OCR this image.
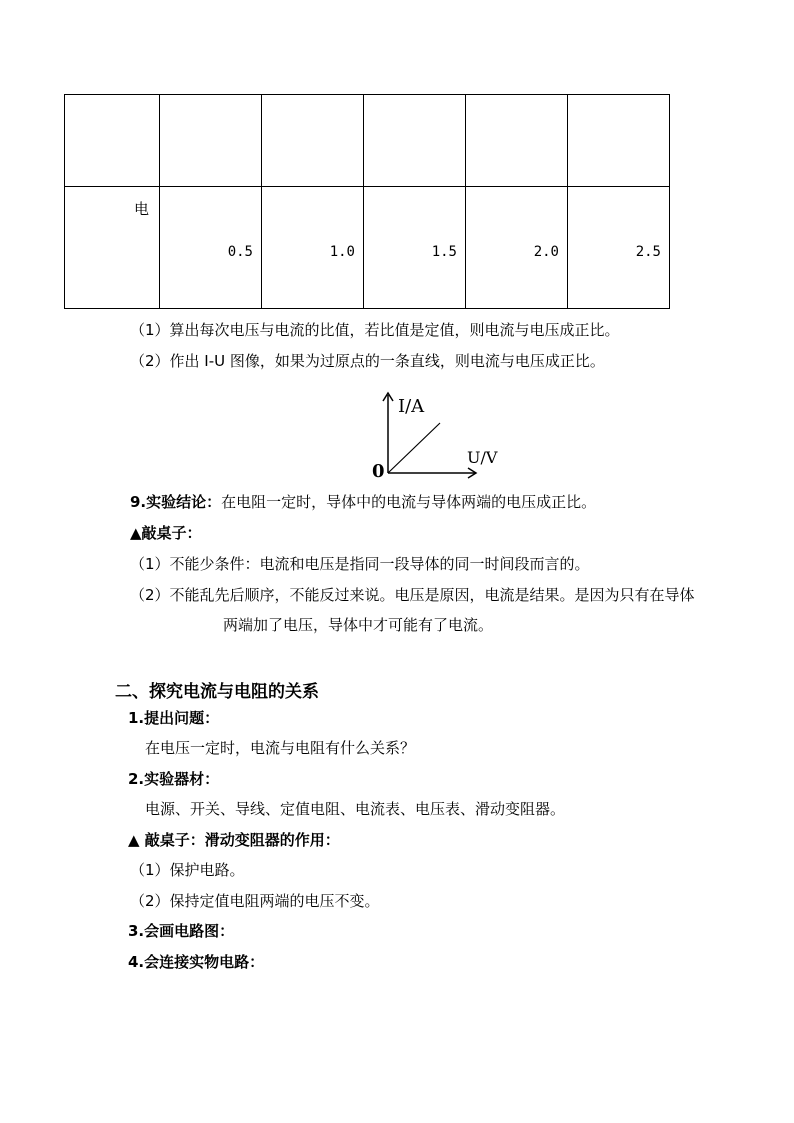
电	0.5	1.0	1.5	2.0	2.5
（1）算出每次电压与电流的比值，若比值是定值，则电流与电压成正比。
（2）作出 I-U 图像，如果为过原点的一条直线，则电流与电压成正比。
I/A
U/V
0
9.实验结论：在电阻一定时，导体中的电流与导体两端的电压成正比。
▲敲桌子：
（1）不能少条件：电流和电压是指同一段导体的同一时间段而言的。
（2）不能乱先后顺序，不能反过来说。电压是原因，电流是结果。是因为只有在导体
两端加了电压，导体中才可能有了电流。
二、探究电流与电阻的关系
1.提出问题：
在电压一定时，电流与电阻有什么关系？
2.实验器材：
电源、开关、导线、定值电阻、电流表、电压表、滑动变阻器。
▲ 敲桌子：滑动变阻器的作用：
（1）保护电路。
（2）保持定值电阻两端的电压不变。
3.会画电路图：
4.会连接实物电路：
